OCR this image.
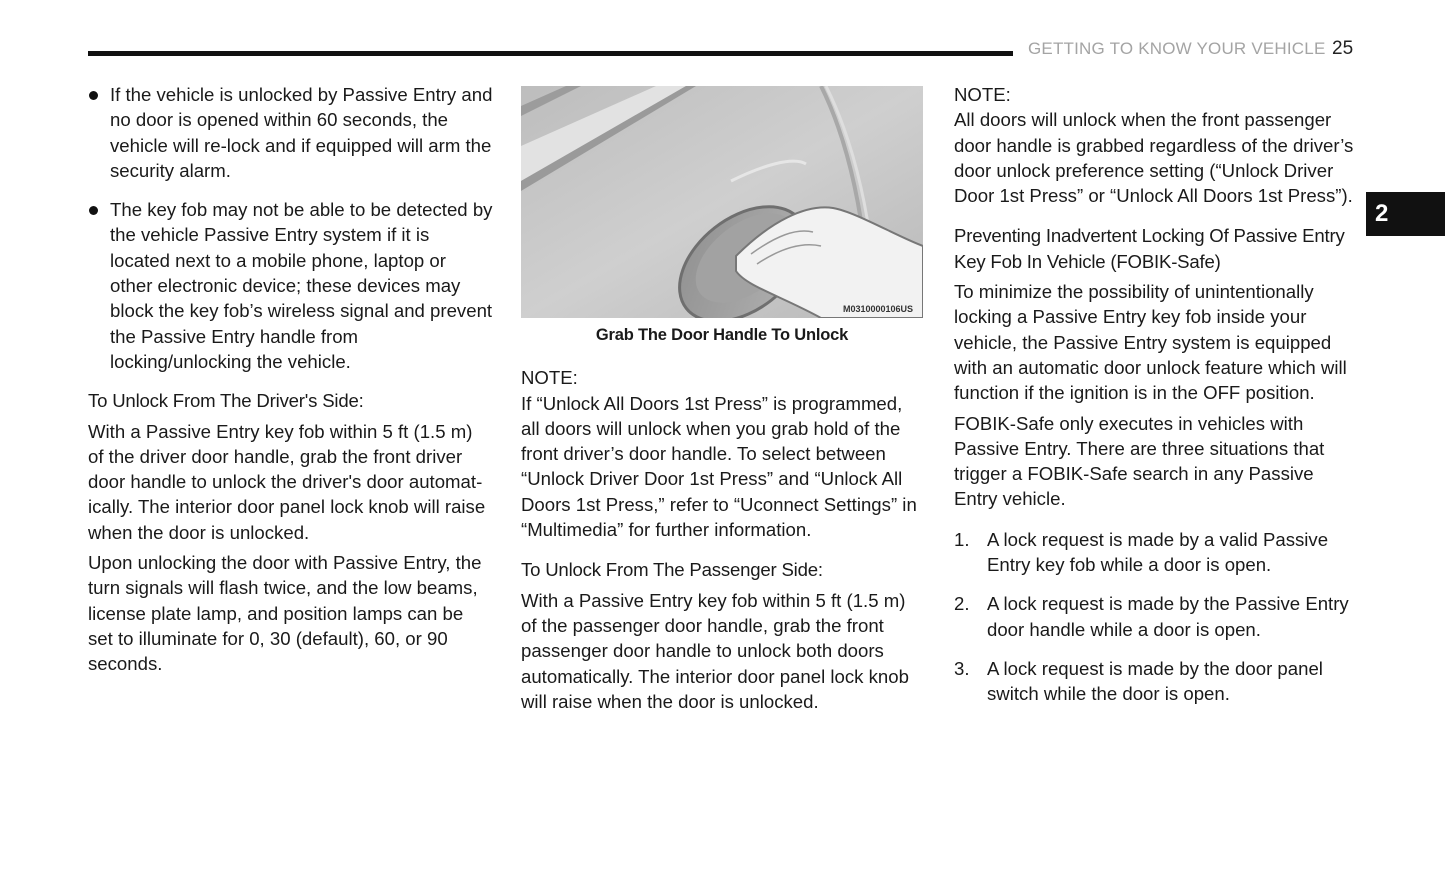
GETTING TO KNOW YOUR VEHICLE 25
2
If the vehicle is unlocked by Passive Entry and no door is opened within 60 seconds, the vehicle will re-lock and if equipped will arm the security alarm.
The key fob may not be able to be detected by the vehicle Passive Entry system if it is located next to a mobile phone, laptop or other electronic device; these devices may block the key fob’s wireless signal and prevent the Passive Entry handle from locking/unlocking the vehicle.
To Unlock From The Driver's Side:

With a Passive Entry key fob within 5 ft (1.5 m) of the driver door handle, grab the front driver door handle to unlock the driver's door automatically. The interior door panel lock knob will raise when the door is unlocked.

Upon unlocking the door with Passive Entry, the turn signals will flash twice, and the low beams, license plate lamp, and position lamps can be set to illuminate for 0, 30 (default), 60, or 90 seconds.

M0310000106US
Grab The Door Handle To Unlock

NOTE:

If “Unlock All Doors 1st Press” is programmed, all doors will unlock when you grab hold of the front driver’s door handle. To select between “Unlock Driver Door 1st Press” and “Unlock All Doors 1st Press,” refer to “Uconnect Settings” in “Multimedia” for further information.

To Unlock From The Passenger Side:

With a Passive Entry key fob within 5 ft (1.5 m) of the passenger door handle, grab the front passenger door handle to unlock both doors automatically. The interior door panel lock knob will raise when the door is unlocked.

NOTE:

All doors will unlock when the front passenger door handle is grabbed regardless of the driver’s door unlock preference setting (“Unlock Driver Door 1st Press” or “Unlock All Doors 1st Press”).

Preventing Inadvertent Locking Of Passive Entry Key Fob In Vehicle (FOBIK-Safe)

To minimize the possibility of unintentionally locking a Passive Entry key fob inside your vehicle, the Passive Entry system is equipped with an automatic door unlock feature which will function if the ignition is in the OFF position.

FOBIK-Safe only executes in vehicles with Passive Entry. There are three situations that trigger a FOBIK-Safe search in any Passive Entry vehicle.

1. A lock request is made by a valid Passive Entry key fob while a door is open.
2. A lock request is made by the Passive Entry door handle while a door is open.
3. A lock request is made by the door panel switch while the door is open.
